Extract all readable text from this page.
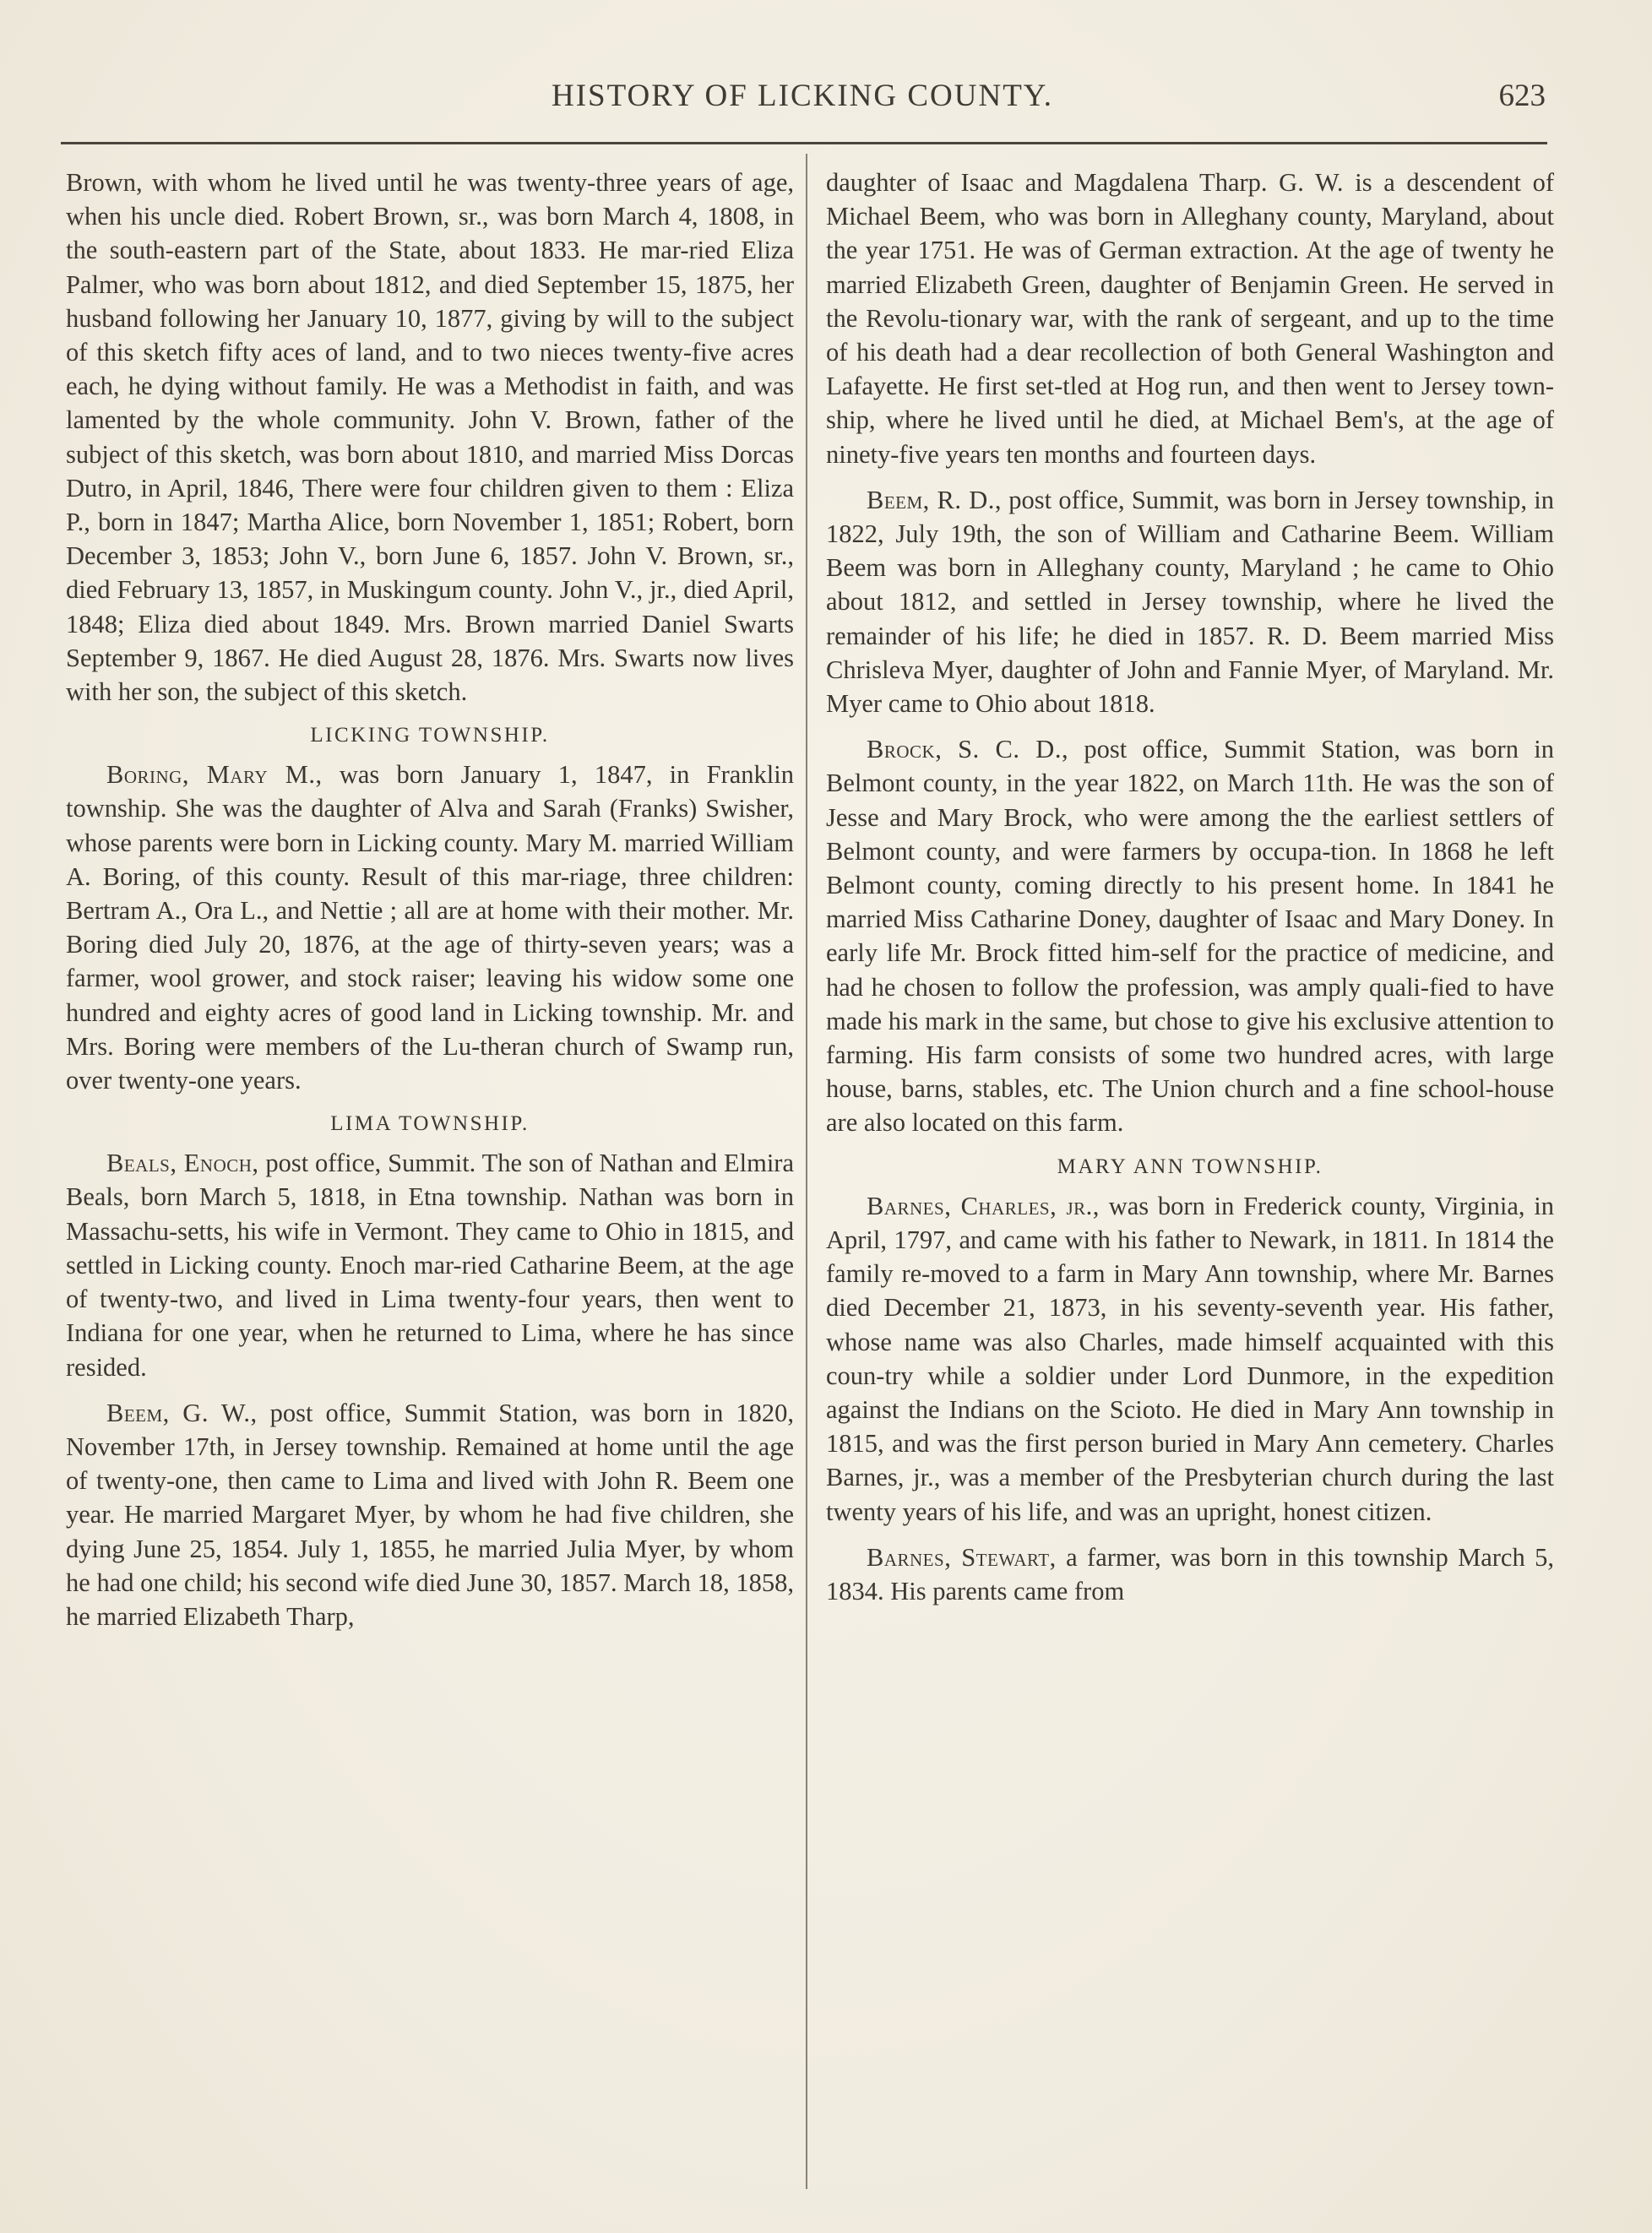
HISTORY OF LICKING COUNTY.	623

Brown, with whom he lived until he was twenty-three years of age, when his uncle died. Robert Brown, sr., was born March 4, 1808, in the south-eastern part of the State, about 1833. He mar-ried Eliza Palmer, who was born about 1812, and died September 15, 1875, her husband following her January 10, 1877, giving by will to the subject of this sketch fifty aces of land, and to two nieces twenty-five acres each, he dying without family. He was a Methodist in faith, and was lamented by the whole community. John V. Brown, father of the subject of this sketch, was born about 1810, and married Miss Dorcas Dutro, in April, 1846, There were four children given to them : Eliza P., born in 1847; Martha Alice, born November 1, 1851; Robert, born December 3, 1853; John V., born June 6, 1857. John V. Brown, sr., died February 13, 1857, in Muskingum county. John V., jr., died April, 1848; Eliza died about 1849. Mrs. Brown married Daniel Swarts September 9, 1867. He died August 28, 1876. Mrs. Swarts now lives with her son, the subject of this sketch.

LICKING TOWNSHIP.

Boring, Mary M., was born January 1, 1847, in Franklin township. She was the daughter of Alva and Sarah (Franks) Swisher, whose parents were born in Licking county. Mary M. married William A. Boring, of this county. Result of this mar-riage, three children: Bertram A., Ora L., and Nettie ; all are at home with their mother. Mr. Boring died July 20, 1876, at the age of thirty-seven years; was a farmer, wool grower, and stock raiser; leaving his widow some one hundred and eighty acres of good land in Licking township. Mr. and Mrs. Boring were members of the Lu-theran church of Swamp run, over twenty-one years.

LIMA TOWNSHIP.

Beals, Enoch, post office, Summit. The son of Nathan and Elmira Beals, born March 5, 1818, in Etna township. Nathan was born in Massachu-setts, his wife in Vermont. They came to Ohio in 1815, and settled in Licking county. Enoch mar-ried Catharine Beem, at the age of twenty-two, and lived in Lima twenty-four years, then went to Indiana for one year, when he returned to Lima, where he has since resided.

Beem, G. W., post office, Summit Station, was born in 1820, November 17th, in Jersey township. Remained at home until the age of twenty-one, then came to Lima and lived with John R. Beem one year. He married Margaret Myer, by whom he had five children, she dying June 25, 1854. July 1, 1855, he married Julia Myer, by whom he had one child; his second wife died June 30, 1857. March 18, 1858, he married Elizabeth Tharp,

daughter of Isaac and Magdalena Tharp. G. W. is a descendent of Michael Beem, who was born in Alleghany county, Maryland, about the year 1751. He was of German extraction. At the age of twenty he married Elizabeth Green, daughter of Benjamin Green. He served in the Revolu-tionary war, with the rank of sergeant, and up to the time of his death had a dear recollection of both General Washington and Lafayette. He first set-tled at Hog run, and then went to Jersey town-ship, where he lived until he died, at Michael Bem's, at the age of ninety-five years ten months and fourteen days.

Beem, R. D., post office, Summit, was born in Jersey township, in 1822, July 19th, the son of William and Catharine Beem. William Beem was born in Alleghany county, Maryland ; he came to Ohio about 1812, and settled in Jersey township, where he lived the remainder of his life; he died in 1857. R. D. Beem married Miss Chrisleva Myer, daughter of John and Fannie Myer, of Maryland. Mr. Myer came to Ohio about 1818.

Brock, S. C. D., post office, Summit Station, was born in Belmont county, in the year 1822, on March 11th. He was the son of Jesse and Mary Brock, who were among the the earliest settlers of Belmont county, and were farmers by occupa-tion. In 1868 he left Belmont county, coming directly to his present home. In 1841 he married Miss Catharine Doney, daughter of Isaac and Mary Doney. In early life Mr. Brock fitted him-self for the practice of medicine, and had he chosen to follow the profession, was amply quali-fied to have made his mark in the same, but chose to give his exclusive attention to farming. His farm consists of some two hundred acres, with large house, barns, stables, etc. The Union church and a fine school-house are also located on this farm.

MARY ANN TOWNSHIP.

Barnes, Charles, jr., was born in Frederick county, Virginia, in April, 1797, and came with his father to Newark, in 1811. In 1814 the family re-moved to a farm in Mary Ann township, where Mr. Barnes died December 21, 1873, in his seventy-seventh year. His father, whose name was also Charles, made himself acquainted with this coun-try while a soldier under Lord Dunmore, in the expedition against the Indians on the Scioto. He died in Mary Ann township in 1815, and was the first person buried in Mary Ann cemetery. Charles Barnes, jr., was a member of the Presbyterian church during the last twenty years of his life, and was an upright, honest citizen.

Barnes, Stewart, a farmer, was born in this township March 5, 1834. His parents came from
